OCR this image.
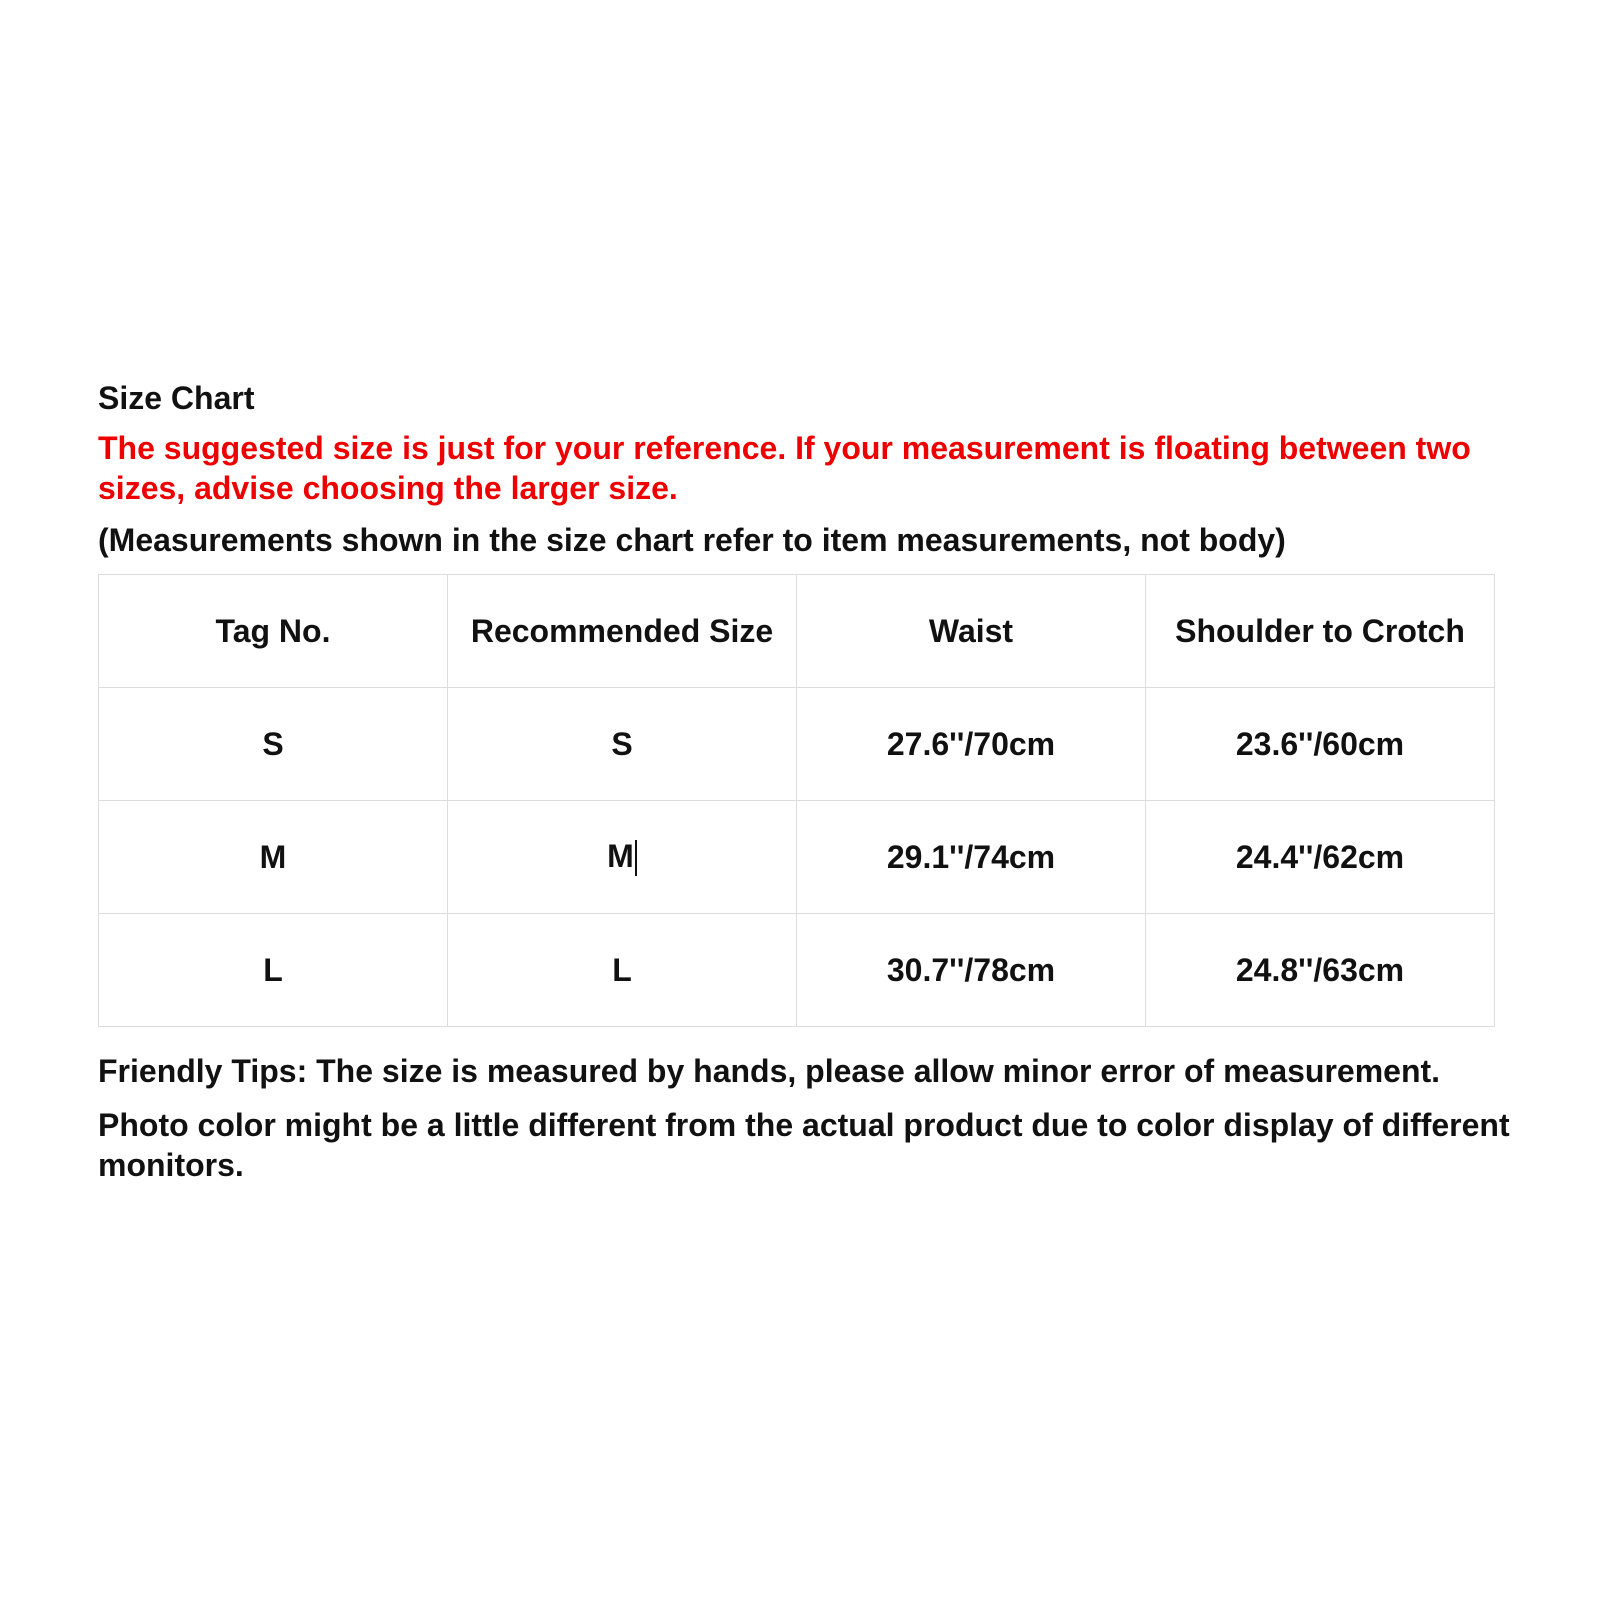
Size Chart
The suggested size is just for your reference. If your measurement is floating between two sizes, advise choosing the larger size.
(Measurements shown in the size chart refer to item measurements, not body)
Tag No.	Recommended Size	Waist	Shoulder to Crotch
S	S	27.6''/70cm	23.6''/60cm
M	M	29.1''/74cm	24.4''/62cm
L	L	30.7''/78cm	24.8''/63cm

Friendly Tips: The size is measured by hands, please allow minor error of measurement.

Photo color might be a little different from the actual product due to color display of different monitors.
